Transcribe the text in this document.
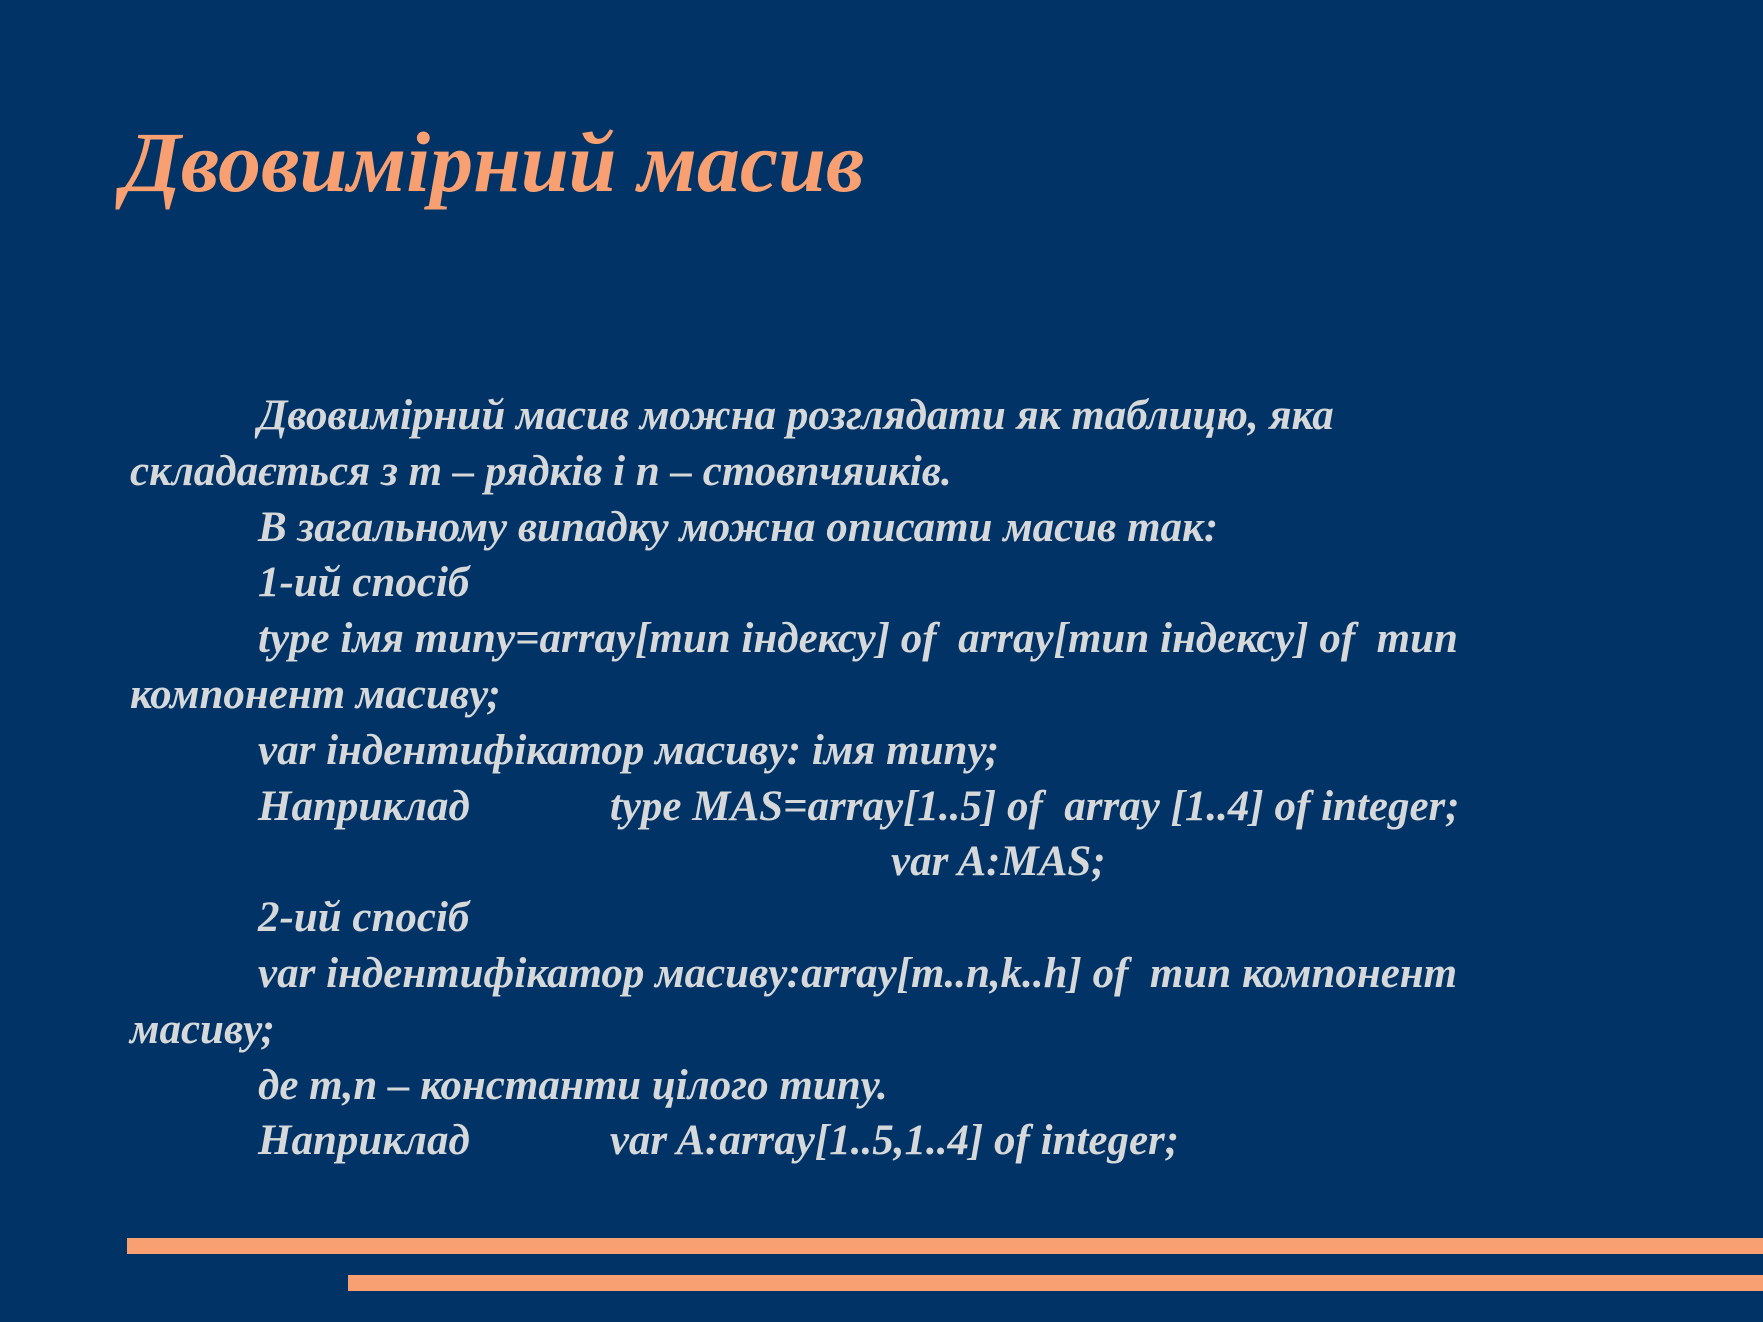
Двовимірний масив
Двовимірний масив можна розглядати як таблицю, яка
складається з m – рядків і n – стовпчяиків.
В загальному випадку можна описати масив так:
1-ий спосіб
type імя типу=array[тип індексу] of  array[тип індексу] of  тип
компонент масиву;
var індентифікатор масиву: імя типу;
Наприклад	type MAS=array[1..5] of  array [1..4] of integer;
var A:MAS;
2-ий спосіб
var індентифікатор масиву:array[m..n,k..h] of  тип компонент
масиву;
де m,n – константи цілого типу.
Наприклад	var A:array[1..5,1..4] of integer;
